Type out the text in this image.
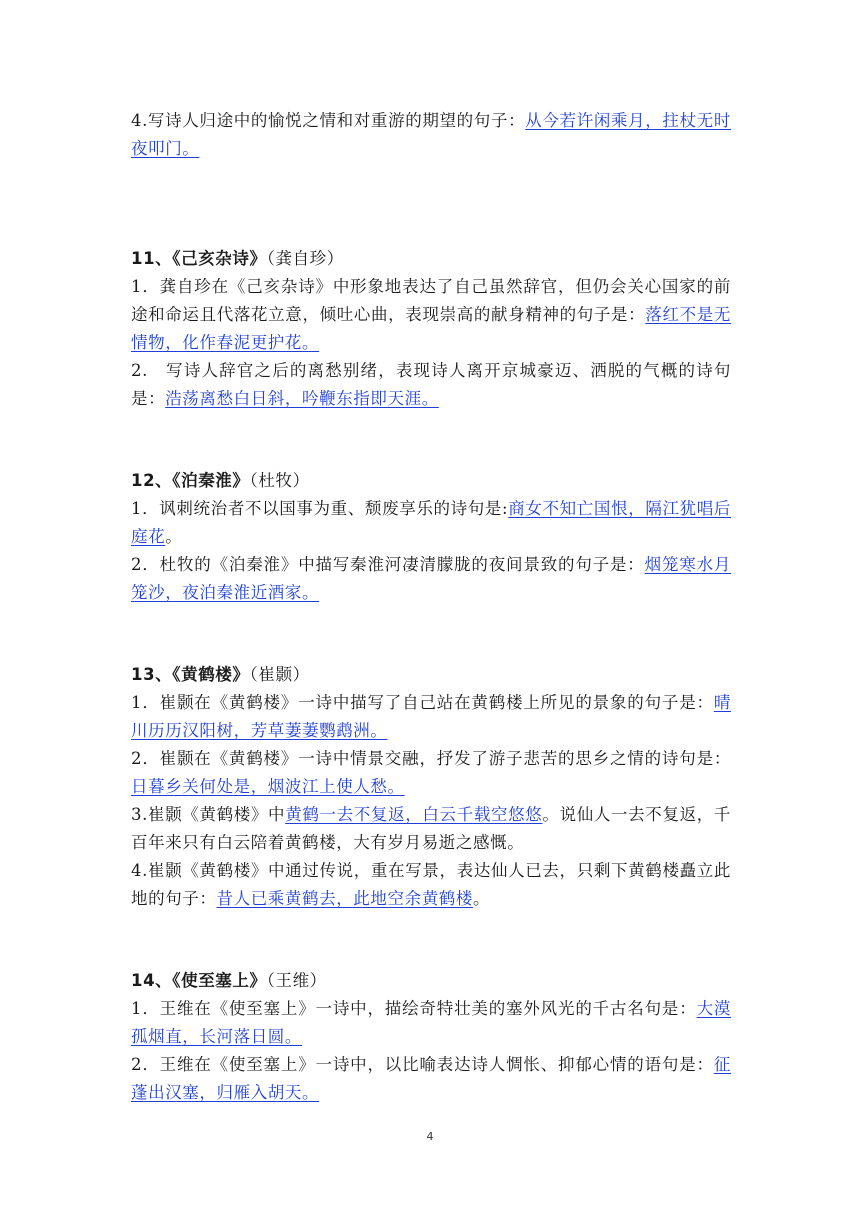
4.写诗人归途中的愉悦之情和对重游的期望的句子：从今若许闲乘月，拄杖无时夜叩门。

11、《己亥杂诗》（龚自珍）

1．龚自珍在《己亥杂诗》中形象地表达了自己虽然辞官，但仍会关心国家的前途和命运且代落花立意，倾吐心曲，表现崇高的献身精神的句子是：落红不是无情物，化作春泥更护花。

2.　写诗人辞官之后的离愁别绪，表现诗人离开京城豪迈、洒脱的气概的诗句是：浩荡离愁白日斜，吟鞭东指即天涯。

12、《泊秦淮》（杜牧）

1．讽刺统治者不以国事为重、颓废享乐的诗句是:商女不知亡国恨，隔江犹唱后庭花。

2．杜牧的《泊秦淮》中描写秦淮河凄清朦胧的夜间景致的句子是：烟笼寒水月笼沙，夜泊秦淮近酒家。

13、《黄鹤楼》（崔颢）

1．崔颢在《黄鹤楼》一诗中描写了自己站在黄鹤楼上所见的景象的句子是：晴川历历汉阳树，芳草萋萋鹦鹉洲。

2．崔颢在《黄鹤楼》一诗中情景交融，抒发了游子悲苦的思乡之情的诗句是：日暮乡关何处是，烟波江上使人愁。

3.崔颢《黄鹤楼》中黄鹤一去不复返，白云千载空悠悠。说仙人一去不复返，千百年来只有白云陪着黄鹤楼，大有岁月易逝之感慨。

4.崔颢《黄鹤楼》中通过传说，重在写景，表达仙人已去，只剩下黄鹤楼矗立此地的句子：昔人已乘黄鹤去，此地空余黄鹤楼。

14、《使至塞上》（王维）

1．王维在《使至塞上》一诗中，描绘奇特壮美的塞外风光的千古名句是：大漠孤烟直，长河落日圆。

2．王维在《使至塞上》一诗中，以比喻表达诗人惆怅、抑郁心情的语句是：征蓬出汉塞，归雁入胡天。

4
